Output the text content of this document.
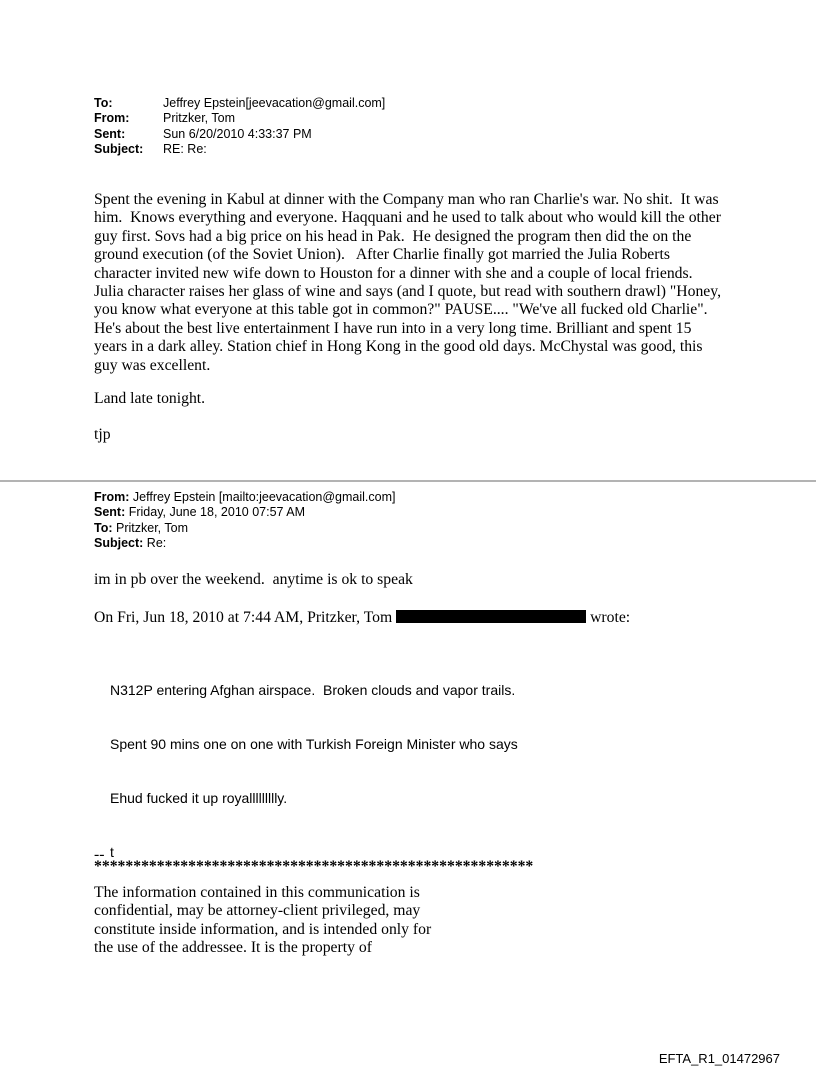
To:	Jeffrey Epstein[jeevacation@gmail.com]
From:	Pritzker, Tom
Sent:	Sun 6/20/2010 4:33:37 PM
Subject:	RE: Re:
Spent the evening in Kabul at dinner with the Company man who ran Charlie's war. No shit.  It was him.  Knows everything and everyone. Haqquani and he used to talk about who would kill the other guy first. Sovs had a big price on his head in Pak.  He designed the program then did the on the ground execution (of the Soviet Union).   After Charlie finally got married the Julia Roberts character invited new wife down to Houston for a dinner with she and a couple of local friends. Julia character raises her glass of wine and says (and I quote, but read with southern drawl) "Honey, you know what everyone at this table got in common?" PAUSE.... "We've all fucked old Charlie".     He's about the best live entertainment I have run into in a very long time. Brilliant and spent 15 years in a dark alley. Station chief in Hong Kong in the good old days. McChystal was good, this guy was excellent.
Land late tonight.
tjp
From: Jeffrey Epstein [mailto:jeevacation@gmail.com]
Sent: Friday, June 18, 2010 07:57 AM
To: Pritzker, Tom
Subject: Re:
im in pb over the weekend.  anytime is ok to speak
On Fri, Jun 18, 2010 at 7:44 AM, Pritzker, Tom	wrote:

N312P entering Afghan airspace.  Broken clouds and vapor trails.

Spent 90 mins one on one with Turkish Foreign Minister who says

Ehud fucked it up royallllllllly.

t

--
********************************************************
The information contained in this communication is
confidential, may be attorney-client privileged, may
constitute inside information, and is intended only for
the use of the addressee. It is the property of
EFTA_R1_01472967
